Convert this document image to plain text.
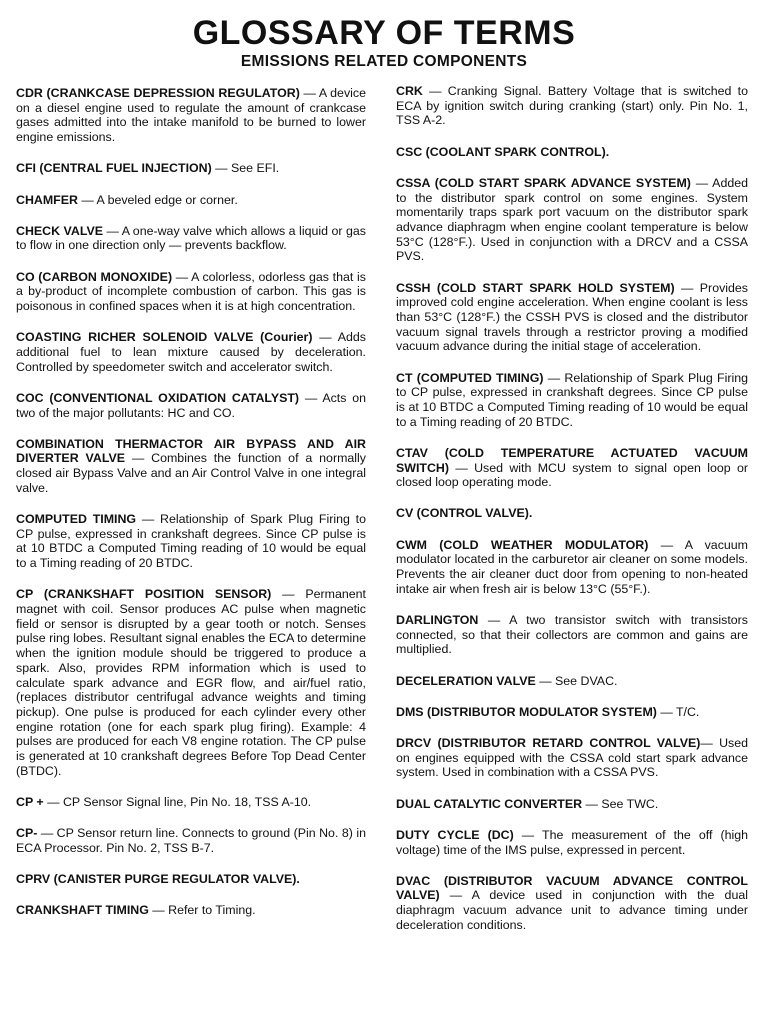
GLOSSARY OF TERMS
EMISSIONS RELATED COMPONENTS

CDR (CRANKCASE DEPRESSION REGULATOR) — A device on a diesel engine used to regulate the amount of crankcase gases admitted into the intake manifold to be burned to lower engine emissions.

CFI (CENTRAL FUEL INJECTION) — See EFI.

CHAMFER — A beveled edge or corner.

CHECK VALVE — A one-way valve which allows a liquid or gas to flow in one direction only — prevents backflow.

CO (CARBON MONOXIDE) — A colorless, odorless gas that is a by-product of incomplete combustion of carbon. This gas is poisonous in confined spaces when it is at high concentration.

COASTING RICHER SOLENOID VALVE (Courier) — Adds additional fuel to lean mixture caused by deceleration. Controlled by speedometer switch and accelerator switch.

COC (CONVENTIONAL OXIDATION CATALYST) — Acts on two of the major pollutants: HC and CO.

COMBINATION THERMACTOR AIR BYPASS AND AIR DIVERTER VALVE — Combines the function of a normally closed air Bypass Valve and an Air Control Valve in one integral valve.

COMPUTED TIMING — Relationship of Spark Plug Firing to CP pulse, expressed in crankshaft degrees. Since CP pulse is at 10 BTDC a Computed Timing reading of 10 would be equal to a Timing reading of 20 BTDC.

CP (CRANKSHAFT POSITION SENSOR) — Permanent magnet with coil. Sensor produces AC pulse when magnetic field or sensor is disrupted by a gear tooth or notch. Senses pulse ring lobes. Resultant signal enables the ECA to determine when the ignition module should be triggered to produce a spark. Also, provides RPM information which is used to calculate spark advance and EGR flow, and air/fuel ratio, (replaces distributor centrifugal advance weights and timing pickup). One pulse is produced for each cylinder every other engine rotation (one for each spark plug firing). Example: 4 pulses are produced for each V8 engine rotation. The CP pulse is generated at 10 crankshaft degrees Before Top Dead Center (BTDC).

CP + — CP Sensor Signal line, Pin No. 18, TSS A-10.

CP- — CP Sensor return line. Connects to ground (Pin No. 8) in ECA Processor. Pin No. 2, TSS B-7.

CPRV (CANISTER PURGE REGULATOR VALVE).

CRANKSHAFT TIMING — Refer to Timing.

CRK — Cranking Signal. Battery Voltage that is switched to ECA by ignition switch during cranking (start) only. Pin No. 1, TSS A-2.

CSC (COOLANT SPARK CONTROL).

CSSA (COLD START SPARK ADVANCE SYSTEM) — Added to the distributor spark control on some engines. System momentarily traps spark port vacuum on the distributor spark advance diaphragm when engine coolant temperature is below 53°C (128°F.). Used in conjunction with a DRCV and a CSSA PVS.

CSSH (COLD START SPARK HOLD SYSTEM) — Provides improved cold engine acceleration. When engine coolant is less than 53°C (128°F.) the CSSH PVS is closed and the distributor vacuum signal travels through a restrictor proving a modified vacuum advance during the initial stage of acceleration.

CT (COMPUTED TIMING) — Relationship of Spark Plug Firing to CP pulse, expressed in crankshaft degrees. Since CP pulse is at 10 BTDC a Computed Timing reading of 10 would be equal to a Timing reading of 20 BTDC.

CTAV (COLD TEMPERATURE ACTUATED VACUUM SWITCH) — Used with MCU system to signal open loop or closed loop operating mode.

CV (CONTROL VALVE).

CWM (COLD WEATHER MODULATOR) — A vacuum modulator located in the carburetor air cleaner on some models. Prevents the air cleaner duct door from opening to non-heated intake air when fresh air is below 13°C (55°F.).

DARLINGTON — A two transistor switch with transistors connected, so that their collectors are common and gains are multiplied.

DECELERATION VALVE — See DVAC.

DMS (DISTRIBUTOR MODULATOR SYSTEM) — T/C.

DRCV (DISTRIBUTOR RETARD CONTROL VALVE)— Used on engines equipped with the CSSA cold start spark advance system. Used in combination with a CSSA PVS.

DUAL CATALYTIC CONVERTER — See TWC.

DUTY CYCLE (DC) — The measurement of the off (high voltage) time of the IMS pulse, expressed in percent.

DVAC (DISTRIBUTOR VACUUM ADVANCE CONTROL VALVE) — A device used in conjunction with the dual diaphragm vacuum advance unit to advance timing under deceleration conditions.
